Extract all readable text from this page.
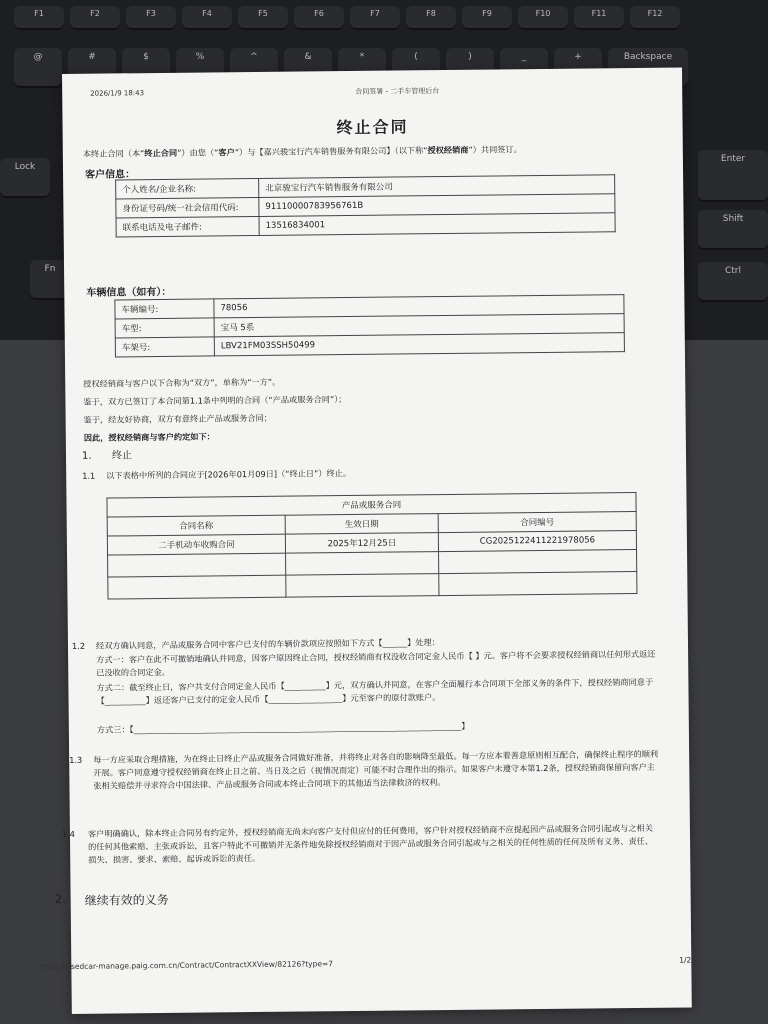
F1	F2	F3	F4	F5	F6	F7	F8	F9	F10	F11	F12
@	#	$	%	^	&	*	(	)	_	+	Backspace
Lock
Fn
Enter
Shift
Ctrl
2026/1/9 18:43	合同签署 - 二手车管理后台
终止合同
本终止合同（本“终止合同”）由您（“客户”）与【嘉兴骏宝行汽车销售服务有限公司】（以下称“授权经销商”）共同签订。
客户信息：
个人姓名/企业名称:	北京骏宝行汽车销售服务有限公司
身份证号码/统一社会信用代码:	91110000783956761B
联系电话及电子邮件:	13516834001
车辆信息（如有）：
车辆编号:	78056
车型:	宝马 5系
车架号:	LBV21FM03SSH50499
授权经销商与客户以下合称为“双方”，单称为“一方”。
鉴于，双方已签订了本合同第1.1条中列明的合同（“产品或服务合同”）；
鉴于，经友好协商，双方有意终止产品或服务合同；
因此，授权经销商与客户约定如下：
1. 终止
1.1 以下表格中所列的合同应于[2026年01月09日]（“终止日”）终止。
产品或服务合同		
合同名称	生效日期	合同编号
二手机动车收购合同	2025年12月25日	CG20251224112219780​56

1.2 经双方确认同意，产品或服务合同中客户已支付的车辆价款项应按照如下方式【______】处理：
方式一：客户在此不可撤销地确认并同意，因客户原因终止合同，授权经销商有权没收合同定金人民币【 】元。客户将不会要求授权经销商以任何形式返还已没收的合同定金。
方式二：截至终止日，客户共支付合同定金人民币【__________】元，双方确认并同意，在客户全面履行本合同项下全部义务的条件下，授权经销商同意于【__________】返还客户已支付的定金人民币【__________________】元至客户的原付款账户。
方式三：【________________________________________________________________________________】
1.3 每一方应采取合理措施，为在终止日终止产品或服务合同做好准备，并将终止对各自的影响降至最低。每一方应本着善意原则相互配合，确保终止程序的顺利开展。客户同意遵守授权经销商在终止日之前、当日及之后（视情况而定）可能不时合理作出的指示。如果客户未遵守本第1.2条，授权经销商保留向客户主张相关赔偿并寻求符合中国法律、产品或服务合同或本终止合同项下的其他适当法律救济的权利。
1.4 客户明确确认，除本终止合同另有约定外，授权经销商无尚未向客户支付但应付的任何费用，客户针对授权经销商不应提起因产品或服务合同引起或与之相关的任何其他索赔、主张或诉讼，且客户特此不可撤销并无条件地免除授权经销商对于因产品或服务合同引起或与之相关的任何性质的任何及所有义务、责任、损失、损害、要求、索赔、起诉或诉讼的责任。
2. 继续有效的义务
https://usedcar-manage.paig.com.cn/Contract/ContractXXView/82126?type=7	1/2
